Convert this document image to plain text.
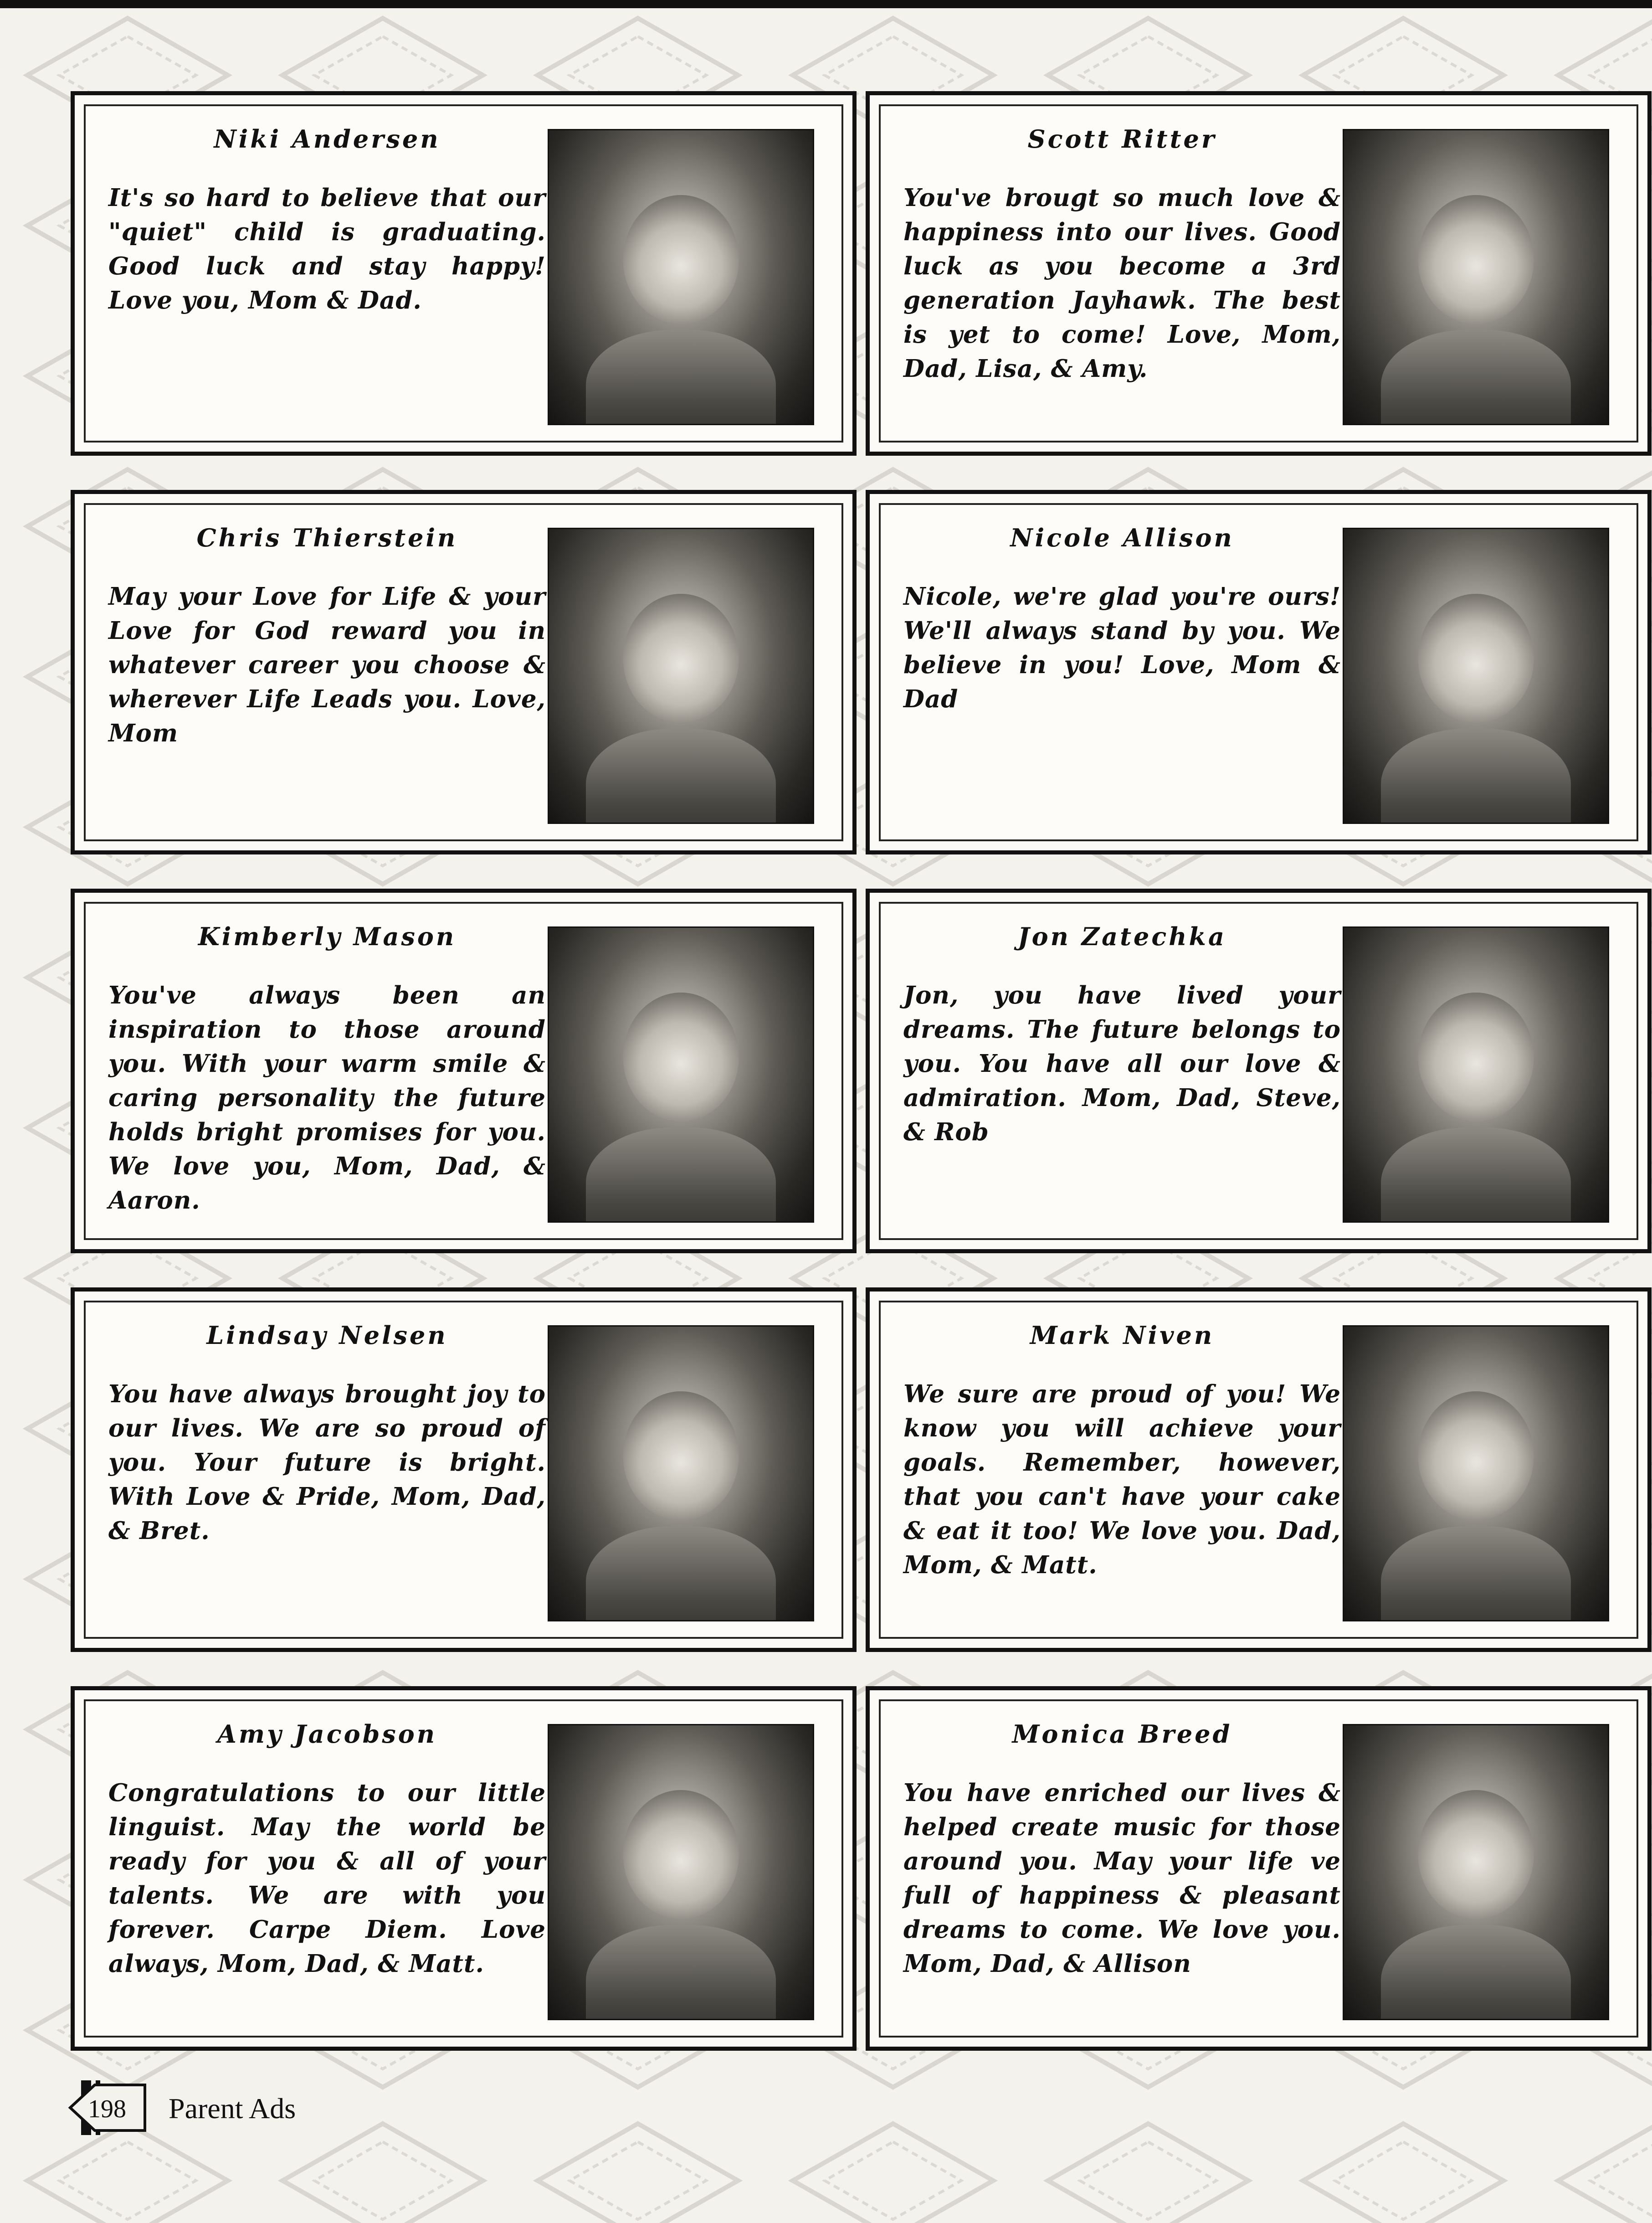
Niki Andersen

It's so hard to believe that our "quiet" child is graduating. Good luck and stay happy! Love you, Mom & Dad.

Scott Ritter

You've brougt so much love & happiness into our lives. Good luck as you become a 3rd generation Jayhawk. The best is yet to come! Love, Mom, Dad, Lisa, & Amy.

Chris Thierstein

May your Love for Life & your Love for God reward you in whatever career you choose & wherever Life Leads you. Love, Mom

Nicole Allison

Nicole, we're glad you're ours! We'll always stand by you. We believe in you! Love, Mom & Dad

Kimberly Mason

You've always been an inspiration to those around you. With your warm smile & caring personality the future holds bright promises for you. We love you, Mom, Dad, & Aaron.

Jon Zatechka

Jon, you have lived your dreams. The future belongs to you. You have all our love & admiration. Mom, Dad, Steve, & Rob

Lindsay Nelsen

You have always brought joy to our lives. We are so proud of you. Your future is bright. With Love & Pride, Mom, Dad, & Bret.

Mark Niven

We sure are proud of you! We know you will achieve your goals. Remember, however, that you can't have your cake & eat it too! We love you. Dad, Mom, & Matt.

Amy Jacobson

Congratulations to our little linguist. May the world be ready for you & all of your talents. We are with you forever. Carpe Diem. Love always, Mom, Dad, & Matt.

Monica Breed

You have enriched our lives & helped create music for those around you. May your life ve full of happiness & pleasant dreams to come. We love you. Mom, Dad, & Allison

198	Parent Ads
